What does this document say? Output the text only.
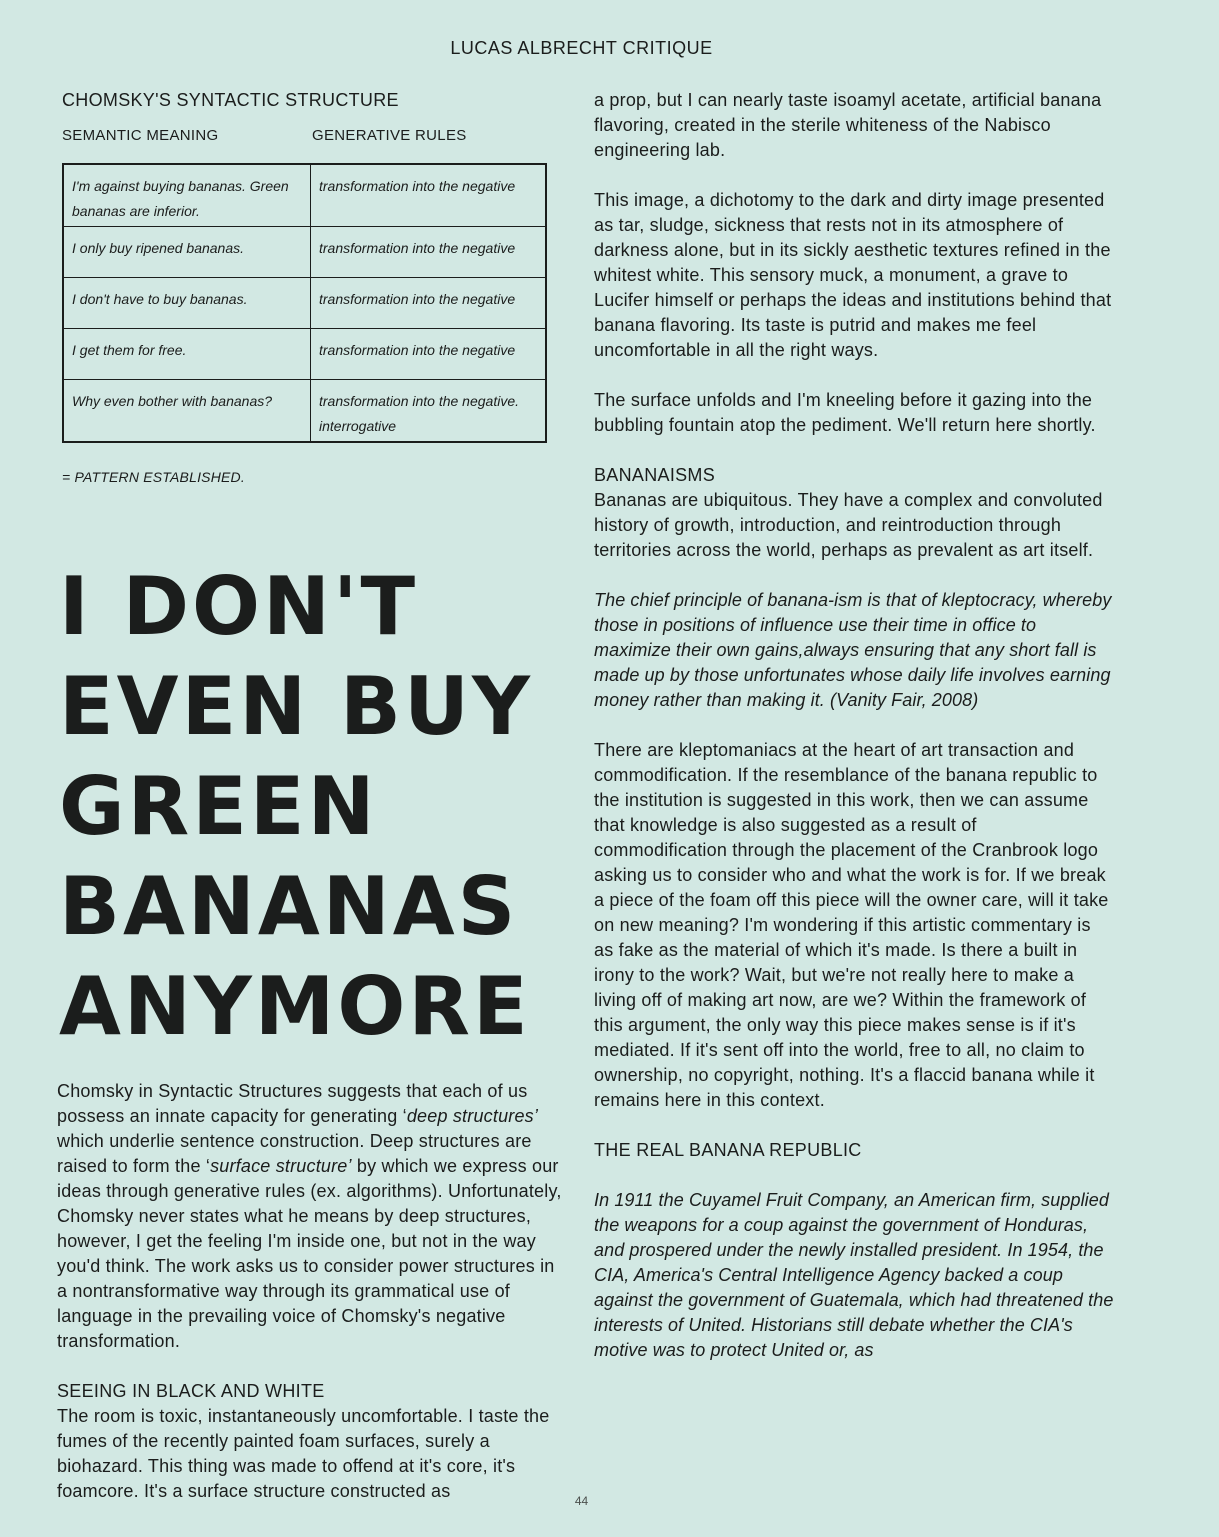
LUCAS ALBRECHT CRITIQUE
CHOMSKY'S SYNTACTIC STRUCTURE
SEMANTIC MEANING	GENERATIVE RULES
I'm against buying bananas. Green bananas are inferior.	transformation into the negative
I only buy ripened bananas.	transformation into the negative
I don't have to buy bananas.	transformation into the negative
I get them for free.	transformation into the negative
Why even bother with bananas?	transformation into the negative. interrogative
= PATTERN ESTABLISHED.
I DON'T
EVEN BUY
GREEN
BANANAS
ANYMORE

Chomsky in Syntactic Structures suggests that each of us possess an innate capacity for generating ‘deep structures’ which underlie sentence construction. Deep structures are raised to form the ‘surface structure’ by which we express our ideas through generative rules (ex. algorithms). Unfortunately, Chomsky never states what he means by deep structures, however, I get the feeling I'm inside one, but not in the way you'd think. The work asks us to consider power structures in a nontransformative way through its grammatical use of language in the prevailing voice of Chomsky's negative transformation.

SEEING IN BLACK AND WHITE

The room is toxic, instantaneously uncomfortable. I taste the fumes of the recently painted foam surfaces, surely a biohazard. This thing was made to offend at it's core, it's foamcore. It's a surface structure constructed as

a prop, but I can nearly taste isoamyl acetate, artificial banana flavoring, created in the sterile whiteness of the Nabisco engineering lab.

This image, a dichotomy to the dark and dirty image presented as tar, sludge, sickness that rests not in its atmosphere of darkness alone, but in its sickly aesthetic textures refined in the whitest white. This sensory muck, a monument, a grave to Lucifer himself or perhaps the ideas and institutions behind that banana flavoring. Its taste is putrid and makes me feel uncomfortable in all the right ways.

The surface unfolds and I'm kneeling before it gazing into the bubbling fountain atop the pediment. We'll return here shortly.

BANANAISMS

Bananas are ubiquitous. They have a complex and convoluted history of growth, introduction, and reintroduction through territories across the world, perhaps as prevalent as art itself.

The chief principle of banana-ism is that of kleptocracy, whereby those in positions of influence use their time in office to maximize their own gains,always ensuring that any short fall is made up by those unfortunates whose daily life involves earning money rather than making it. (Vanity Fair, 2008)

There are kleptomaniacs at the heart of art transaction and commodification. If the resemblance of the banana republic to the institution is suggested in this work, then we can assume that knowledge is also suggested as a result of commodification through the placement of the Cranbrook logo asking us to consider who and what the work is for. If we break a piece of the foam off this piece will the owner care, will it take on new meaning? I'm wondering if this artistic commentary is as fake as the material of which it's made. Is there a built in irony to the work? Wait, but we're not really here to make a living off of making art now, are we? Within the framework of this argument, the only way this piece makes sense is if it's mediated. If it's sent off into the world, free to all, no claim to ownership, no copyright, nothing. It's a flaccid banana while it remains here in this context.

THE REAL BANANA REPUBLIC

In 1911 the Cuyamel Fruit Company, an American firm, supplied the weapons for a coup against the government of Honduras, and prospered under the newly installed president. In 1954, the CIA, America's Central Intelligence Agency backed a coup against the government of Guatemala, which had threatened the interests of United. Historians still debate whether the CIA's motive was to protect United or, as

44
